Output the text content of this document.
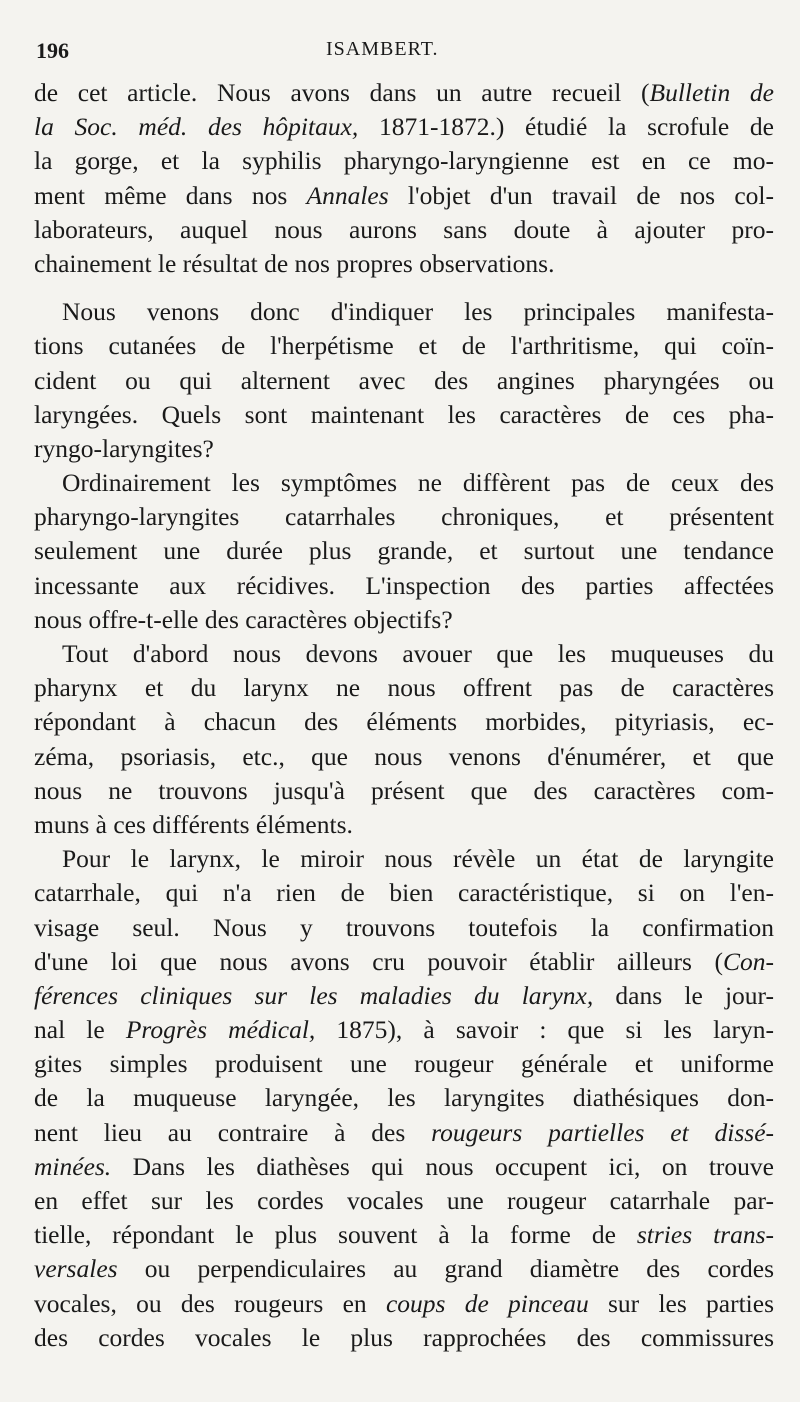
196	ISAMBERT.
de cet article. Nous avons dans un autre recueil (Bulletin de
la Soc. méd. des hôpitaux, 1871-1872.) étudié la scrofule de
la gorge, et la syphilis pharyngo-laryngienne est en ce mo-
ment même dans nos Annales l'objet d'un travail de nos col-
laborateurs, auquel nous aurons sans doute à ajouter pro-
chainement le résultat de nos propres observations.
Nous venons donc d'indiquer les principales manifesta-
tions cutanées de l'herpétisme et de l'arthritisme, qui coïn-
cident ou qui alternent avec des angines pharyngées ou
laryngées. Quels sont maintenant les caractères de ces pha-
ryngo-laryngites?
Ordinairement les symptômes ne diffèrent pas de ceux des
pharyngo-laryngites catarrhales chroniques, et présentent
seulement une durée plus grande, et surtout une tendance
incessante aux récidives. L'inspection des parties affectées
nous offre-t-elle des caractères objectifs?
Tout d'abord nous devons avouer que les muqueuses du
pharynx et du larynx ne nous offrent pas de caractères
répondant à chacun des éléments morbides, pityriasis, ec-
zéma, psoriasis, etc., que nous venons d'énumérer, et que
nous ne trouvons jusqu'à présent que des caractères com-
muns à ces différents éléments.
Pour le larynx, le miroir nous révèle un état de laryngite
catarrhale, qui n'a rien de bien caractéristique, si on l'en-
visage seul. Nous y trouvons toutefois la confirmation
d'une loi que nous avons cru pouvoir établir ailleurs (Con-
férences cliniques sur les maladies du larynx, dans le jour-
nal le Progrès médical, 1875), à savoir : que si les laryn-
gites simples produisent une rougeur générale et uniforme
de la muqueuse laryngée, les laryngites diathésiques don-
nent lieu au contraire à des rougeurs partielles et dissé-
minées. Dans les diathèses qui nous occupent ici, on trouve
en effet sur les cordes vocales une rougeur catarrhale par-
tielle, répondant le plus souvent à la forme de stries trans-
versales ou perpendiculaires au grand diamètre des cordes
vocales, ou des rougeurs en coups de pinceau sur les parties
des cordes vocales le plus rapprochées des commissures
